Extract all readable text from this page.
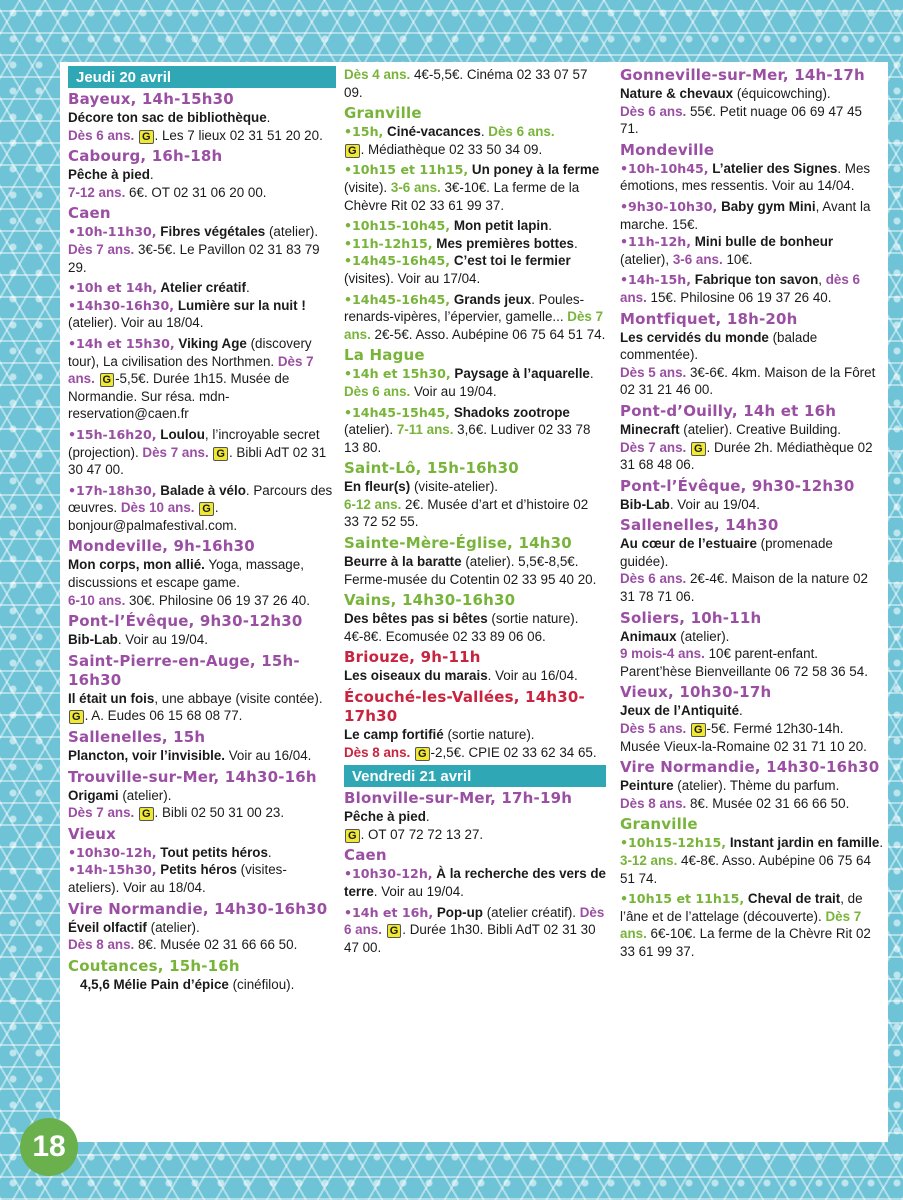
Jeudi 20 avril
Bayeux, 14h-15h30

Décore ton sac de bibliothèque.
Dès 6 ans. G . Les 7 lieux 02 31 51 20 20.

Cabourg, 16h-18h

Pêche à pied.
7-12 ans. 6€. OT 02 31 06 20 00.

Caen

•10h-11h30, Fibres végétales (atelier). Dès 7 ans. 3€-5€. Le Pavillon 02 31 83 79 29.

•10h et 14h, Atelier créatif.
•14h30-16h30, Lumière sur la nuit ! (atelier). Voir au 18/04.

•14h et 15h30, Viking Age (discovery tour), La civilisation des Northmen. Dès 7 ans. G -5,5€. Durée 1h15. Musée de Normandie. Sur résa. mdn-reservation@caen.fr

•15h-16h20, Loulou, l’incroyable secret (projection). Dès 7 ans. G . Bibli AdT 02 31 30 47 00.

•17h-18h30, Balade à vélo. Parcours des œuvres. Dès 10 ans. G . bonjour@palmafestival.com.

Mondeville, 9h-16h30

Mon corps, mon allié. Yoga, massage, discussions et escape game.
6-10 ans. 30€. Philosine 06 19 37 26 40.

Pont-l’Évêque, 9h30-12h30

Bib-Lab. Voir au 19/04.

Saint-Pierre-en-Auge, 15h-16h30

Il était un fois, une abbaye (visite contée).
G . A. Eudes 06 15 68 08 77.

Sallenelles, 15h

Plancton, voir l’invisible. Voir au 16/04.

Trouville-sur-Mer, 14h30-16h

Origami (atelier).
Dès 7 ans. G . Bibli 02 50 31 00 23.

Vieux

•10h30-12h, Tout petits héros.
•14h-15h30, Petits héros (visites-ateliers). Voir au 18/04.

Vire Normandie, 14h30-16h30

Éveil olfactif (atelier).
Dès 8 ans. 8€. Musée 02 31 66 66 50.

Coutances, 15h-16h

4,5,6 Mélie Pain d’épice (cinéfilou).

Dès 4 ans. 4€-5,5€. Cinéma 02 33 07 57 09.

Granville

•15h, Ciné-vacances. Dès 6 ans.
G . Médiathèque 02 33 50 34 09.

•10h15 et 11h15, Un poney à la ferme (visite). 3-6 ans. 3€-10€. La ferme de la Chèvre Rit 02 33 61 99 37.

•10h15-10h45, Mon petit lapin.
•11h-12h15, Mes premières bottes. •14h45-16h45, C’est toi le fermier (visites). Voir au 17/04.

•14h45-16h45, Grands jeux. Poules-renards-vipères, l’épervier, gamelle... Dès 7 ans. 2€-5€. Asso. Aubépine 06 75 64 51 74.

La Hague

•14h et 15h30, Paysage à l’aquarelle. Dès 6 ans. Voir au 19/04.

•14h45-15h45, Shadoks zootrope (atelier). 7-11 ans. 3,6€. Ludiver 02 33 78 13 80.

Saint-Lô, 15h-16h30

En fleur(s) (visite-atelier).
6-12 ans. 2€. Musée d’art et d’histoire 02 33 72 52 55.

Sainte-Mère-Église, 14h30

Beurre à la baratte (atelier). 5,5€-8,5€. Ferme-musée du Cotentin 02 33 95 40 20.

Vains, 14h30-16h30

Des bêtes pas si bêtes (sortie nature). 4€-8€. Ecomusée 02 33 89 06 06.

Briouze, 9h-11h

Les oiseaux du marais. Voir au 16/04.

Écouché-les-Vallées, 14h30-17h30

Le camp fortifié (sortie nature).
Dès 8 ans. G -2,5€. CPIE 02 33 62 34 65.

Vendredi 21 avril
Blonville-sur-Mer, 17h-19h

Pêche à pied.
G . OT 07 72 72 13 27.

Caen

•10h30-12h, À la recherche des vers de terre. Voir au 19/04.

•14h et 16h, Pop-up (atelier créatif). Dès 6 ans. G . Durée 1h30. Bibli AdT 02 31 30 47 00.

Gonneville-sur-Mer, 14h-17h

Nature & chevaux (équicowching).
Dès 6 ans. 55€. Petit nuage 06 69 47 45 71.

Mondeville

•10h-10h45, L’atelier des Signes. Mes émotions, mes ressentis. Voir au 14/04.

•9h30-10h30, Baby gym Mini, Avant la marche. 15€.
•11h-12h, Mini bulle de bonheur (atelier), 3-6 ans. 10€.

•14h-15h, Fabrique ton savon, dès 6 ans. 15€. Philosine 06 19 37 26 40.

Montfiquet, 18h-20h

Les cervidés du monde (balade commentée).
Dès 5 ans. 3€-6€. 4km. Maison de la Fôret 02 31 21 46 00.

Pont-d’Ouilly, 14h et 16h

Minecraft (atelier). Creative Building.
Dès 7 ans. G . Durée 2h. Médiathèque 02 31 68 48 06.

Pont-l’Évêque, 9h30-12h30

Bib-Lab. Voir au 19/04.

Sallenelles, 14h30

Au cœur de l’estuaire (promenade guidée).
Dès 6 ans. 2€-4€. Maison de la nature 02 31 78 71 06.

Soliers, 10h-11h

Animaux (atelier).
9 mois-4 ans. 10€ parent-enfant. Parent’hèse Bienveillante 06 72 58 36 54.

Vieux, 10h30-17h

Jeux de l’Antiquité.
Dès 5 ans. G -5€. Fermé 12h30-14h. Musée Vieux-la-Romaine 02 31 71 10 20.

Vire Normandie, 14h30-16h30

Peinture (atelier). Thème du parfum.
Dès 8 ans. 8€. Musée 02 31 66 66 50.

Granville

•10h15-12h15, Instant jardin en famille. 3-12 ans. 4€-8€. Asso. Aubépine 06 75 64 51 74.

•10h15 et 11h15, Cheval de trait, de l’âne et de l’attelage (découverte). Dès 7 ans. 6€-10€. La ferme de la Chèvre Rit 02 33 61 99 37.

18
